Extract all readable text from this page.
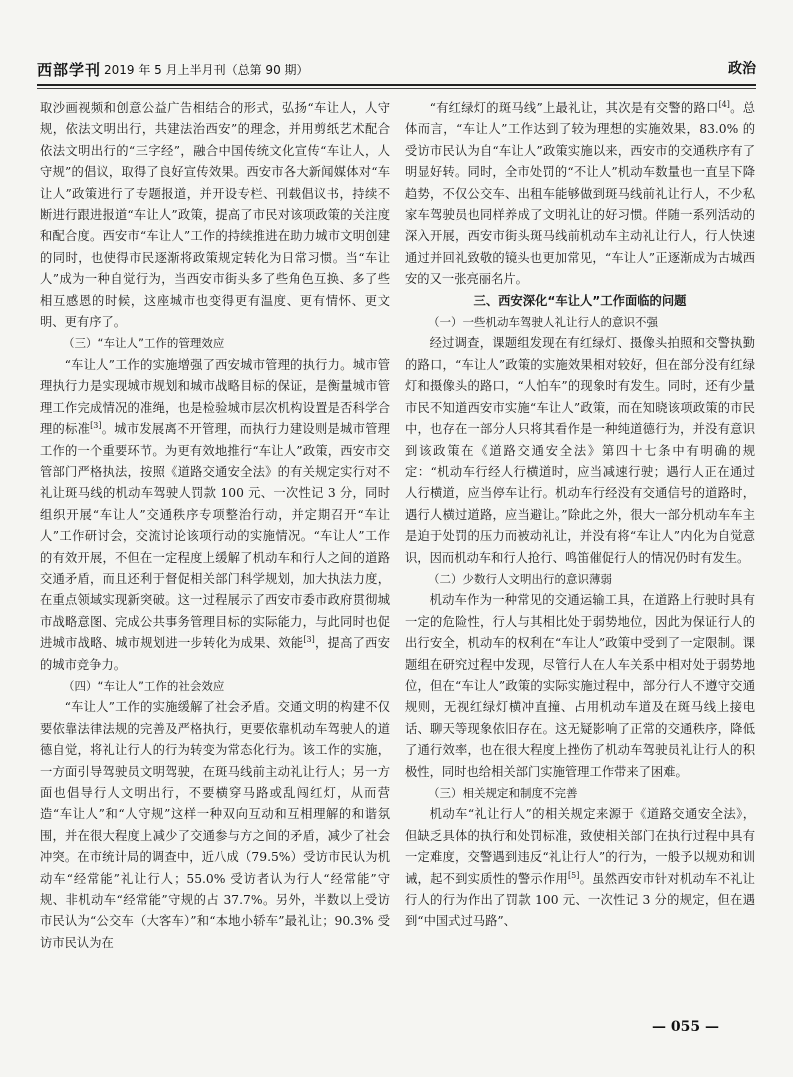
西部学刊 2019 年 5 月上半月刊（总第 90 期）	政治

取沙画视频和创意公益广告相结合的形式，弘扬“车让人，人守规，依法文明出行，共建法治西安”的理念，并用剪纸艺术配合依法文明出行的“三字经”，融合中国传统文化宣传“车让人，人守规”的倡议，取得了良好宣传效果。西安市各大新闻媒体对“车让人”政策进行了专题报道，并开设专栏、刊载倡议书，持续不断进行跟进报道“车让人”政策，提高了市民对该项政策的关注度和配合度。西安市“车让人”工作的持续推进在助力城市文明创建的同时，也使得市民逐渐将政策规定转化为日常习惯。当“车让人”成为一种自觉行为，当西安市街头多了些角色互换、多了些相互感恩的时候，这座城市也变得更有温度、更有情怀、更文明、更有序了。

（三）“车让人”工作的管理效应

“车让人”工作的实施增强了西安城市管理的执行力。城市管理执行力是实现城市规划和城市战略目标的保证，是衡量城市管理工作完成情况的准绳，也是检验城市层次机构设置是否科学合理的标准[3]。城市发展离不开管理，而执行力建设则是城市管理工作的一个重要环节。为更有效地推行“车让人”政策，西安市交管部门严格执法，按照《道路交通安全法》的有关规定实行对不礼让斑马线的机动车驾驶人罚款 100 元、一次性记 3 分，同时组织开展“车让人”交通秩序专项整治行动，并定期召开“车让人”工作研讨会，交流讨论该项行动的实施情况。“车让人”工作的有效开展，不但在一定程度上缓解了机动车和行人之间的道路交通矛盾，而且还利于督促相关部门科学规划，加大执法力度，在重点领域实现新突破。这一过程展示了西安市委市政府贯彻城市战略意图、完成公共事务管理目标的实际能力，与此同时也促进城市战略、城市规划进一步转化为成果、效能[3]，提高了西安的城市竞争力。

（四）“车让人”工作的社会效应

“车让人”工作的实施缓解了社会矛盾。交通文明的构建不仅要依靠法律法规的完善及严格执行，更要依靠机动车驾驶人的道德自觉，将礼让行人的行为转变为常态化行为。该工作的实施，一方面引导驾驶员文明驾驶，在斑马线前主动礼让行人；另一方面也倡导行人文明出行，不要横穿马路或乱闯红灯，从而营造“车让人”和“人守规”这样一种双向互动和互相理解的和谐氛围，并在很大程度上减少了交通参与方之间的矛盾，减少了社会冲突。在市统计局的调查中，近八成（79.5%）受访市民认为机动车“经常能”礼让行人；55.0% 受访者认为行人“经常能”守规、非机动车“经常能”守规的占 37.7%。另外，半数以上受访市民认为“公交车（大客车）”和“本地小轿车”最礼让；90.3% 受访市民认为在

“有红绿灯的斑马线”上最礼让，其次是有交警的路口[4]。总体而言，“车让人”工作达到了较为理想的实施效果，83.0% 的受访市民认为自“车让人”政策实施以来，西安市的交通秩序有了明显好转。同时，全市处罚的“不让人”机动车数量也一直呈下降趋势，不仅公交车、出租车能够做到斑马线前礼让行人，不少私家车驾驶员也同样养成了文明礼让的好习惯。伴随一系列活动的深入开展，西安市街头斑马线前机动车主动礼让行人，行人快速通过并回礼致敬的镜头也更加常见，“车让人”正逐渐成为古城西安的又一张亮丽名片。

三、西安深化“车让人”工作面临的问题

（一）一些机动车驾驶人礼让行人的意识不强

经过调查，课题组发现在有红绿灯、摄像头拍照和交警执勤的路口，“车让人”政策的实施效果相对较好，但在部分没有红绿灯和摄像头的路口，“人怕车”的现象时有发生。同时，还有少量市民不知道西安市实施“车让人”政策，而在知晓该项政策的市民中，也存在一部分人只将其看作是一种纯道德行为，并没有意识到该政策在《道路交通安全法》第四十七条中有明确的规定：“机动车行经人行横道时，应当减速行驶；遇行人正在通过人行横道，应当停车让行。机动车行经没有交通信号的道路时，遇行人横过道路，应当避让。”除此之外，很大一部分机动车车主是迫于处罚的压力而被动礼让，并没有将“车让人”内化为自觉意识，因而机动车和行人抢行、鸣笛催促行人的情况仍时有发生。

（二）少数行人文明出行的意识薄弱

机动车作为一种常见的交通运输工具，在道路上行驶时具有一定的危险性，行人与其相比处于弱势地位，因此为保证行人的出行安全，机动车的权利在“车让人”政策中受到了一定限制。课题组在研究过程中发现，尽管行人在人车关系中相对处于弱势地位，但在“车让人”政策的实际实施过程中，部分行人不遵守交通规则，无视红绿灯横冲直撞、占用机动车道及在斑马线上接电话、聊天等现象依旧存在。这无疑影响了正常的交通秩序，降低了通行效率，也在很大程度上挫伤了机动车驾驶员礼让行人的积极性，同时也给相关部门实施管理工作带来了困难。

（三）相关规定和制度不完善

机动车“礼让行人”的相关规定来源于《道路交通安全法》，但缺乏具体的执行和处罚标准，致使相关部门在执行过程中具有一定难度，交警遇到违反“礼让行人”的行为，一般予以规劝和训诫，起不到实质性的警示作用[5]。虽然西安市针对机动车不礼让行人的行为作出了罚款 100 元、一次性记 3 分的规定，但在遇到“中国式过马路”、

— 055 —
